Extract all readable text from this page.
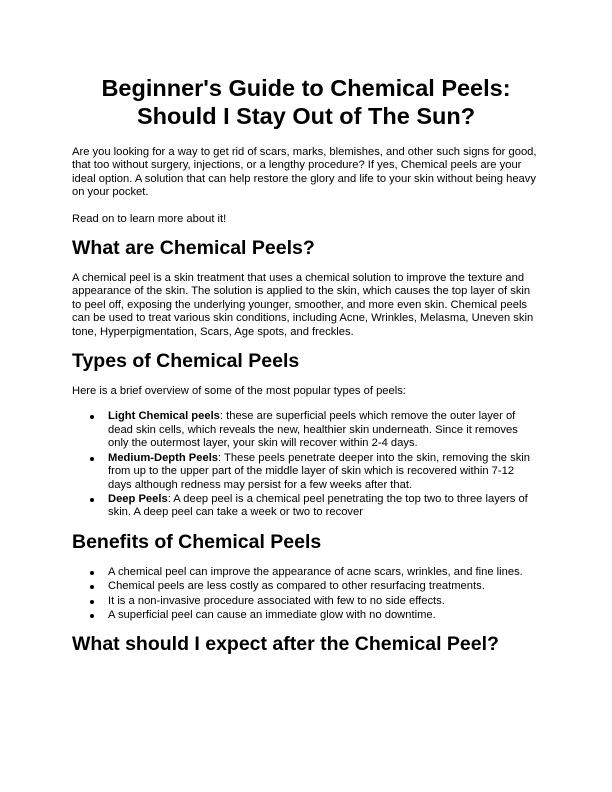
Beginner's Guide to Chemical Peels:
Should I Stay Out of The Sun?

Are you looking for a way to get rid of scars, marks, blemishes, and other such signs for good, that too without surgery, injections, or a lengthy procedure? If yes, Chemical peels are your ideal option. A solution that can help restore the glory and life to your skin without being heavy on your pocket.

Read on to learn more about it!

What are Chemical Peels?

A chemical peel is a skin treatment that uses a chemical solution to improve the texture and appearance of the skin. The solution is applied to the skin, which causes the top layer of skin to peel off, exposing the underlying younger, smoother, and more even skin. Chemical peels can be used to treat various skin conditions, including Acne, Wrinkles, Melasma, Uneven skin tone, Hyperpigmentation, Scars, Age spots, and freckles.

Types of Chemical Peels

Here is a brief overview of some of the most popular types of peels:

Light Chemical peels: these are superficial peels which remove the outer layer of dead skin cells, which reveals the new, healthier skin underneath. Since it removes only the outermost layer, your skin will recover within 2-4 days.
Medium-Depth Peels: These peels penetrate deeper into the skin, removing the skin from up to the upper part of the middle layer of skin which is recovered within 7-12 days although redness may persist for a few weeks after that.
Deep Peels: A deep peel is a chemical peel penetrating the top two to three layers of skin. A deep peel can take a week or two to recover
Benefits of Chemical Peels
A chemical peel can improve the appearance of acne scars, wrinkles, and fine lines.
Chemical peels are less costly as compared to other resurfacing treatments.
It is a non-invasive procedure associated with few to no side effects.
A superficial peel can cause an immediate glow with no downtime.
What should I expect after the Chemical Peel?
